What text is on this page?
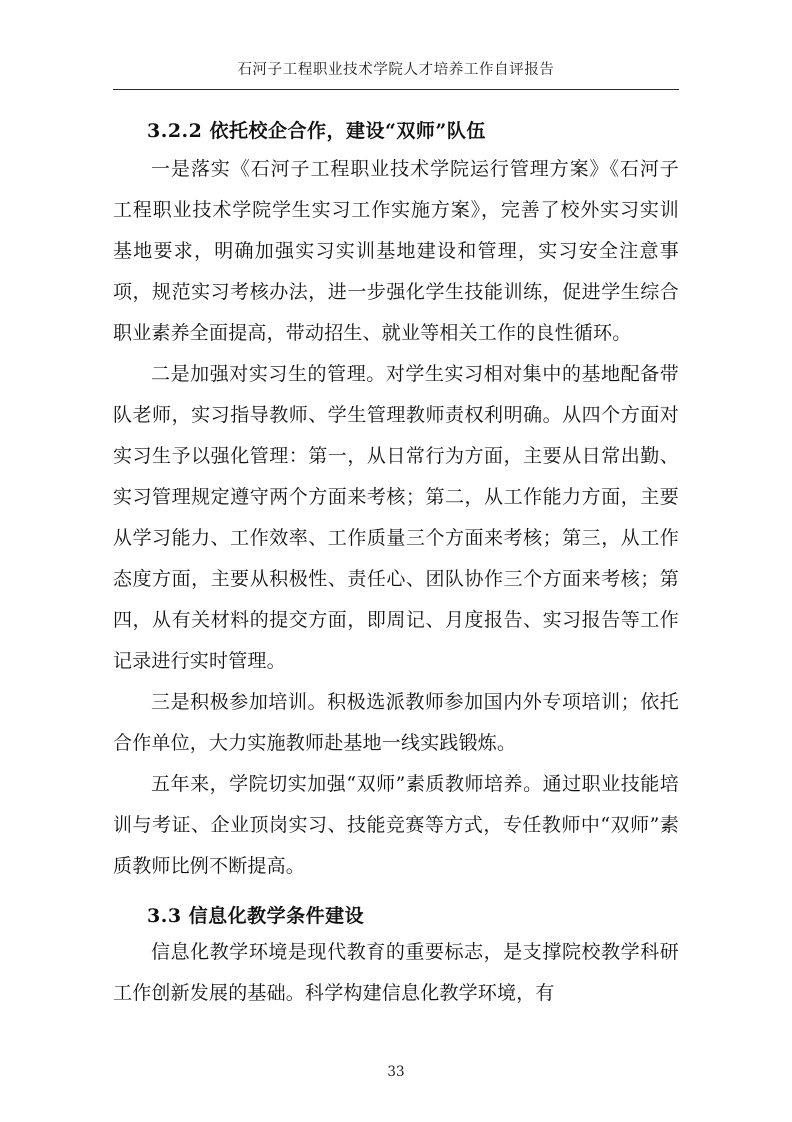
石河子工程职业技术学院人才培养工作自评报告
3.2.2 依托校企合作，建设“双师”队伍

一是落实《石河子工程职业技术学院运行管理方案》《石河子工程职业技术学院学生实习工作实施方案》，完善了校外实习实训基地要求，明确加强实习实训基地建设和管理，实习安全注意事项，规范实习考核办法，进一步强化学生技能训练，促进学生综合职业素养全面提高，带动招生、就业等相关工作的良性循环。

二是加强对实习生的管理。对学生实习相对集中的基地配备带队老师，实习指导教师、学生管理教师责权利明确。从四个方面对实习生予以强化管理：第一，从日常行为方面，主要从日常出勤、实习管理规定遵守两个方面来考核；第二，从工作能力方面，主要从学习能力、工作效率、工作质量三个方面来考核；第三，从工作态度方面，主要从积极性、责任心、团队协作三个方面来考核；第四，从有关材料的提交方面，即周记、月度报告、实习报告等工作记录进行实时管理。

三是积极参加培训。积极选派教师参加国内外专项培训；依托合作单位，大力实施教师赴基地一线实践锻炼。

五年来，学院切实加强“双师”素质教师培养。通过职业技能培训与考证、企业顶岗实习、技能竞赛等方式，专任教师中“双师”素质教师比例不断提高。

3.3 信息化教学条件建设

信息化教学环境是现代教育的重要标志，是支撑院校教学科研工作创新发展的基础。科学构建信息化教学环境，有

33
